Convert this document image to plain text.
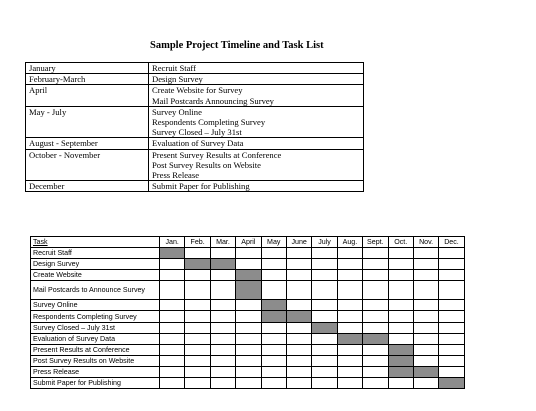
Sample Project Timeline and Task List
January	Recruit Staff

February-March	Design Survey

April	Create Website for Survey
Mail Postcards Announcing Survey

May - July	Survey Online
Respondents Completing Survey
Survey Closed – July 31st

August - September	Evaluation of Survey Data

October - November	Present Survey Results at Conference
Post Survey Results on Website
Press Release

December	Submit Paper for Publishing
Task	Jan.	Feb.	Mar.	April	May	June	July	Aug.	Sept.	Oct.	Nov.	Dec.
Recruit Staff												
Design Survey												
Create Website												
Mail Postcards to Announce Survey												
Survey Online												
Respondents Completing Survey												
Survey Closed – July 31st												
Evaluation of Survey Data												
Present Results at Conference												
Post Survey Results on Website												
Press Release												
Submit Paper for Publishing												
